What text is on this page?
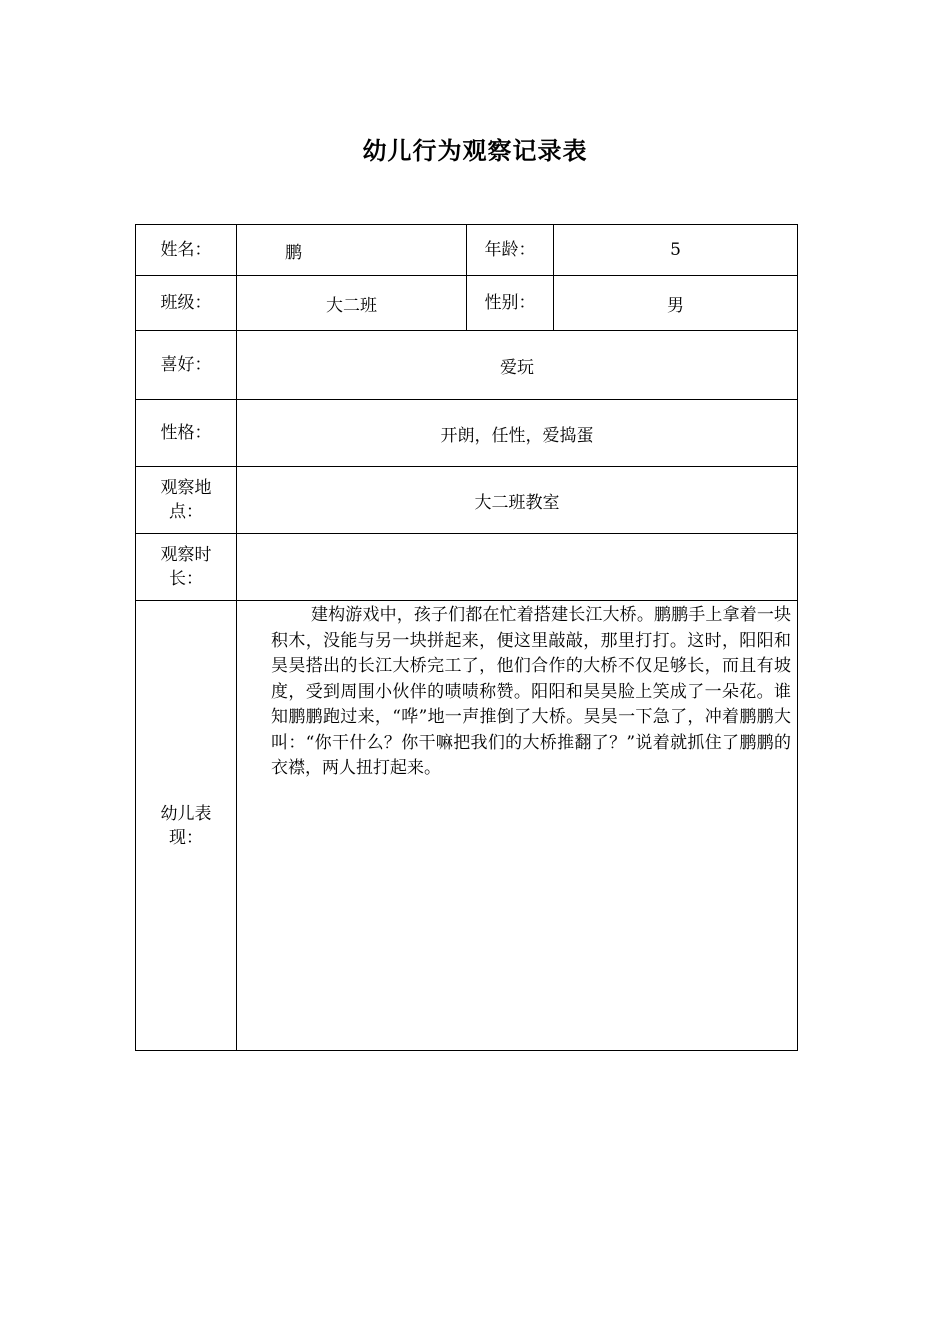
幼儿行为观察记录表
姓名：	鹏	年龄：	5
班级：	大二班	性别：	男
喜好：	爱玩		
性格：	开朗，任性，爱捣蛋		
观察地点：	大二班教室		
观察时长：			
幼儿表现：	建构游戏中，孩子们都在忙着搭建长江大桥。鹏鹏手上拿着一块积木，没能与另一块拼起来，便这里敲敲，那里打打。这时，阳阳和昊昊搭出的长江大桥完工了，他们合作的大桥不仅足够长，而且有坡度，受到周围小伙伴的啧啧称赞。阳阳和昊昊脸上笑成了一朵花。谁知鹏鹏跑过来，“哗”地一声推倒了大桥。昊昊一下急了，冲着鹏鹏大叫：“你干什么？你干嘛把我们的大桥推翻了？”说着就抓住了鹏鹏的衣襟，两人扭打起来。		
